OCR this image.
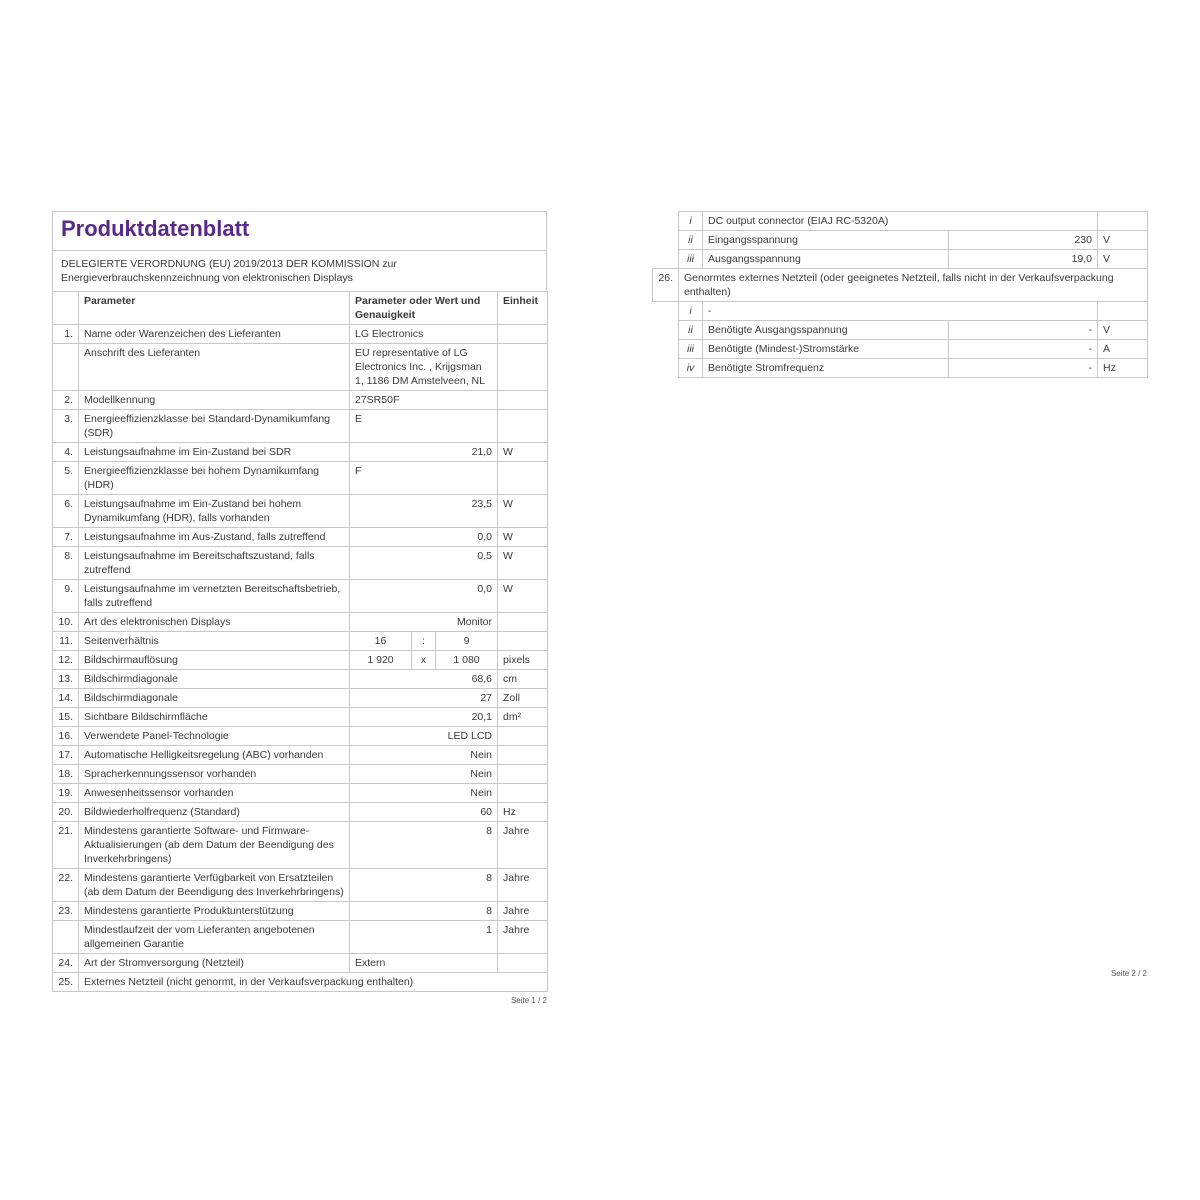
Produktdatenblatt
DELEGIERTE VERORDNUNG (EU) 2019/2013 DER KOMMISSION zur Energieverbrauchskennzeichnung von elektronischen Displays
	Parameter	Parameter oder Wert und Genauigkeit			Einheit
1.	Name oder Warenzeichen des Lieferanten	LG Electronics			
	Anschrift des Lieferanten	EU representative of LG Electronics Inc. , Krijgsman 1, 1186 DM Amstelveen, NL			
2.	Modellkennung	27SR50F			
3.	Energieeffizienzklasse bei Standard-Dynamikumfang (SDR)	E			
4.	Leistungsaufnahme im Ein-Zustand bei SDR	21,0			W
5.	Energieeffizienzklasse bei hohem Dynamikumfang (HDR)	F			
6.	Leistungsaufnahme im Ein-Zustand bei hohem Dynamikumfang (HDR), falls vorhanden	23,5			W
7.	Leistungsaufnahme im Aus-Zustand, falls zutreffend	0,0			W
8.	Leistungsaufnahme im Bereitschaftszustand, falls zutreffend	0,5			W
9.	Leistungsaufnahme im vernetzten Bereitschaftsbetrieb, falls zutreffend	0,0			W
10.	Art des elektronischen Displays	Monitor			
11.	Seitenverhältnis	16	:	9	
12.	Bildschirmauflösung	1 920	x	1 080	pixels
13.	Bildschirmdiagonale	68,6			cm
14.	Bildschirmdiagonale	27			Zoll
15.	Sichtbare Bildschirmfläche	20,1			dm²
16.	Verwendete Panel-Technologie	LED LCD			
17.	Automatische Helligkeitsregelung (ABC) vorhanden	Nein			
18.	Spracherkennungssensor vorhanden	Nein			
19.	Anwesenheitssensor vorhanden	Nein			
20.	Bildwiederholfrequenz (Standard)	60			Hz
21.	Mindestens garantierte Software- und Firmware-Aktualisierungen (ab dem Datum der Beendigung des Inverkehrbringens)	8			Jahre
22.	Mindestens garantierte Verfügbarkeit von Ersatzteilen (ab dem Datum der Beendigung des Inverkehrbringens)	8			Jahre
23.	Mindestens garantierte Produktunterstützung	8			Jahre
	Mindestlaufzeit der vom Lieferanten angebotenen allgemeinen Garantie	1			Jahre
24.	Art der Stromversorgung (Netzteil)	Extern			
25.	Externes Netzteil (nicht genormt, in der Verkaufsverpackung enthalten)				
Seite 1 / 2
	i	DC output connector (EIAJ RC-5320A)		
	ii	Eingangsspannung	230	V
	iii	Ausgangsspannung	19,0	V
26.	Genormtes externes Netzteil (oder geeignetes Netzteil, falls nicht in der Verkaufsverpackung enthalten)			
	i	-		
	ii	Benötigte Ausgangsspannung	-	V
	iii	Benötigte (Mindest-)Stromstärke	-	A
	iv	Benötigte Stromfrequenz	-	Hz
Seite 2 / 2
